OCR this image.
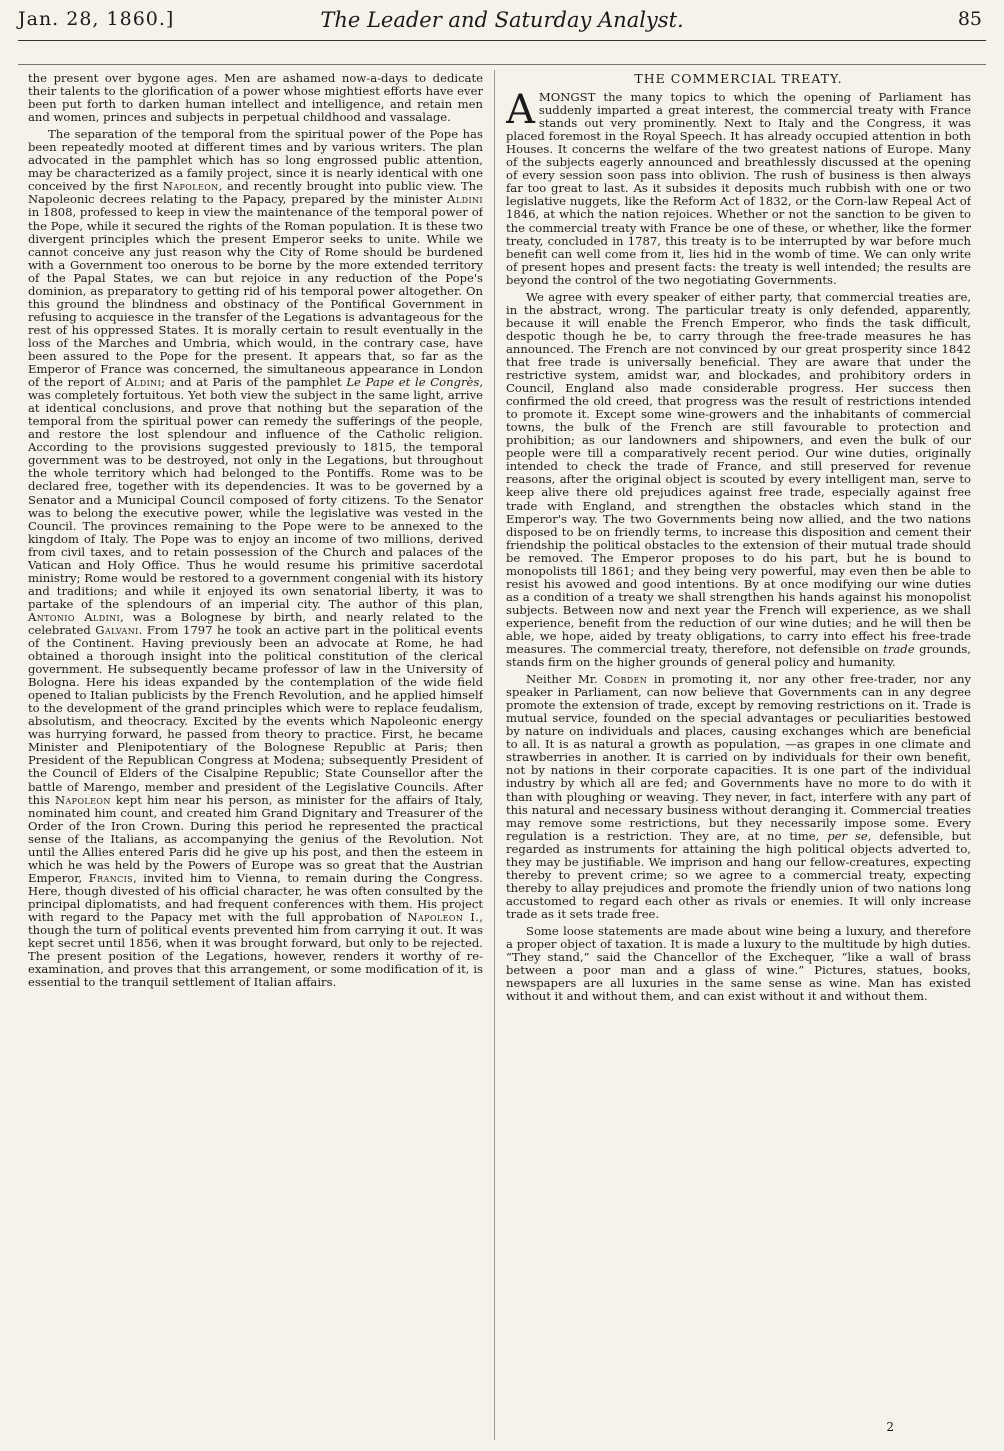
Jan. 28, 1860.]	The Leader and Saturday Analyst.	85

the present over bygone ages. Men are ashamed now-a-days to dedicate their talents to the glorification of a power whose mightiest efforts have ever been put forth to darken human intellect and intelligence, and retain men and women, princes and subjects in perpetual childhood and vassalage.

The separation of the temporal from the spiritual power of the Pope has been repeatedly mooted at different times and by various writers. The plan advocated in the pamphlet which has so long engrossed public attention, may be characterized as a family project, since it is nearly identical with one conceived by the first Napoleon, and recently brought into public view. The Napoleonic decrees relating to the Papacy, prepared by the minister Aldini in 1808, professed to keep in view the maintenance of the temporal power of the Pope, while it secured the rights of the Roman population. It is these two divergent principles which the present Emperor seeks to unite. While we cannot conceive any just reason why the City of Rome should be burdened with a Government too onerous to be borne by the more extended territory of the Papal States, we can but rejoice in any reduction of the Pope's dominion, as preparatory to getting rid of his temporal power altogether. On this ground the blindness and obstinacy of the Pontifical Government in refusing to acquiesce in the transfer of the Legations is advantageous for the rest of his oppressed States. It is morally certain to result eventually in the loss of the Marches and Umbria, which would, in the contrary case, have been assured to the Pope for the present. It appears that, so far as the Emperor of France was concerned, the simultaneous appearance in London of the report of Aldini; and at Paris of the pamphlet Le Pape et le Congrès, was completely fortuitous. Yet both view the subject in the same light, arrive at identical conclusions, and prove that nothing but the separation of the temporal from the spiritual power can remedy the sufferings of the people, and restore the lost splendour and influence of the Catholic religion. According to the provisions suggested previously to 1815, the temporal government was to be destroyed, not only in the Legations, but throughout the whole territory which had belonged to the Pontiffs. Rome was to be declared free, together with its dependencies. It was to be governed by a Senator and a Municipal Council composed of forty citizens. To the Senator was to belong the executive power, while the legislative was vested in the Council. The provinces remaining to the Pope were to be annexed to the kingdom of Italy. The Pope was to enjoy an income of two millions, derived from civil taxes, and to retain possession of the Church and palaces of the Vatican and Holy Office. Thus he would resume his primitive sacerdotal ministry; Rome would be restored to a government congenial with its history and traditions; and while it enjoyed its own senatorial liberty, it was to partake of the splendours of an imperial city. The author of this plan, Antonio Aldini, was a Bolognese by birth, and nearly related to the celebrated Galvani. From 1797 he took an active part in the political events of the Continent. Having previously been an advocate at Rome, he had obtained a thorough insight into the political constitution of the clerical government. He subsequently became professor of law in the University of Bologna. Here his ideas expanded by the contemplation of the wide field opened to Italian publicists by the French Revolution, and he applied himself to the development of the grand principles which were to replace feudalism, absolutism, and theocracy. Excited by the events which Napoleonic energy was hurrying forward, he passed from theory to practice. First, he became Minister and Plenipotentiary of the Bolognese Republic at Paris; then President of the Republican Congress at Modena; subsequently President of the Council of Elders of the Cisalpine Republic; State Counsellor after the battle of Marengo, member and president of the Legislative Councils. After this Napoleon kept him near his person, as minister for the affairs of Italy, nominated him count, and created him Grand Dignitary and Treasurer of the Order of the Iron Crown. During this period he represented the practical sense of the Italians, as accompanying the genius of the Revolution. Not until the Allies entered Paris did he give up his post, and then the esteem in which he was held by the Powers of Europe was so great that the Austrian Emperor, Francis, invited him to Vienna, to remain during the Congress. Here, though divested of his official character, he was often consulted by the principal diplomatists, and had frequent conferences with them. His project with regard to the Papacy met with the full approbation of Napoleon I., though the turn of political events prevented him from carrying it out. It was kept secret until 1856, when it was brought forward, but only to be rejected. The present position of the Legations, however, renders it worthy of re-examination, and proves that this arrangement, or some modification of it, is essential to the tranquil settlement of Italian affairs.

THE COMMERCIAL TREATY.

AMONGST the many topics to which the opening of Parliament has suddenly imparted a great interest, the commercial treaty with France stands out very prominently. Next to Italy and the Congress, it was placed foremost in the Royal Speech. It has already occupied attention in both Houses. It concerns the welfare of the two greatest nations of Europe. Many of the subjects eagerly announced and breathlessly discussed at the opening of every session soon pass into oblivion. The rush of business is then always far too great to last. As it subsides it deposits much rubbish with one or two legislative nuggets, like the Reform Act of 1832, or the Corn-law Repeal Act of 1846, at which the nation rejoices. Whether or not the sanction to be given to the commercial treaty with France be one of these, or whether, like the former treaty, concluded in 1787, this treaty is to be interrupted by war before much benefit can well come from it, lies hid in the womb of time. We can only write of present hopes and present facts: the treaty is well intended; the results are beyond the control of the two negotiating Governments.

We agree with every speaker of either party, that commercial treaties are, in the abstract, wrong. The particular treaty is only defended, apparently, because it will enable the French Emperor, who finds the task difficult, despotic though he be, to carry through the free-trade measures he has announced. The French are not convinced by our great prosperity since 1842 that free trade is universally beneficial. They are aware that under the restrictive system, amidst war, and blockades, and prohibitory orders in Council, England also made considerable progress. Her success then confirmed the old creed, that progress was the result of restrictions intended to promote it. Except some wine-growers and the inhabitants of commercial towns, the bulk of the French are still favourable to protection and prohibition; as our landowners and shipowners, and even the bulk of our people were till a comparatively recent period. Our wine duties, originally intended to check the trade of France, and still preserved for revenue reasons, after the original object is scouted by every intelligent man, serve to keep alive there old prejudices against free trade, especially against free trade with England, and strengthen the obstacles which stand in the Emperor's way. The two Governments being now allied, and the two nations disposed to be on friendly terms, to increase this disposition and cement their friendship the political obstacles to the extension of their mutual trade should be removed. The Emperor proposes to do his part, but he is bound to monopolists till 1861; and they being very powerful, may even then be able to resist his avowed and good intentions. By at once modifying our wine duties as a condition of a treaty we shall strengthen his hands against his monopolist subjects. Between now and next year the French will experience, as we shall experience, benefit from the reduction of our wine duties; and he will then be able, we hope, aided by treaty obligations, to carry into effect his free-trade measures. The commercial treaty, therefore, not defensible on trade grounds, stands firm on the higher grounds of general policy and humanity.

Neither Mr. Cobden in promoting it, nor any other free-trader, nor any speaker in Parliament, can now believe that Governments can in any degree promote the extension of trade, except by removing restrictions on it. Trade is mutual service, founded on the special advantages or peculiarities bestowed by nature on individuals and places, causing exchanges which are beneficial to all. It is as natural a growth as population, —as grapes in one climate and strawberries in another. It is carried on by individuals for their own benefit, not by nations in their corporate capacities. It is one part of the individual industry by which all are fed; and Governments have no more to do with it than with ploughing or weaving. They never, in fact, interfere with any part of this natural and necessary business without deranging it. Commercial treaties may remove some restrictions, but they necessarily impose some. Every regulation is a restriction. They are, at no time, per se, defensible, but regarded as instruments for attaining the high political objects adverted to, they may be justifiable. We imprison and hang our fellow-creatures, expecting thereby to prevent crime; so we agree to a commercial treaty, expecting thereby to allay prejudices and promote the friendly union of two nations long accustomed to regard each other as rivals or enemies. It will only increase trade as it sets trade free.

Some loose statements are made about wine being a luxury, and therefore a proper object of taxation. It is made a luxury to the multitude by high duties. “They stand,” said the Chancellor of the Exchequer, “like a wall of brass between a poor man and a glass of wine.” Pictures, statues, books, newspapers are all luxuries in the same sense as wine. Man has existed without it and without them, and can exist without it and without them.

2
